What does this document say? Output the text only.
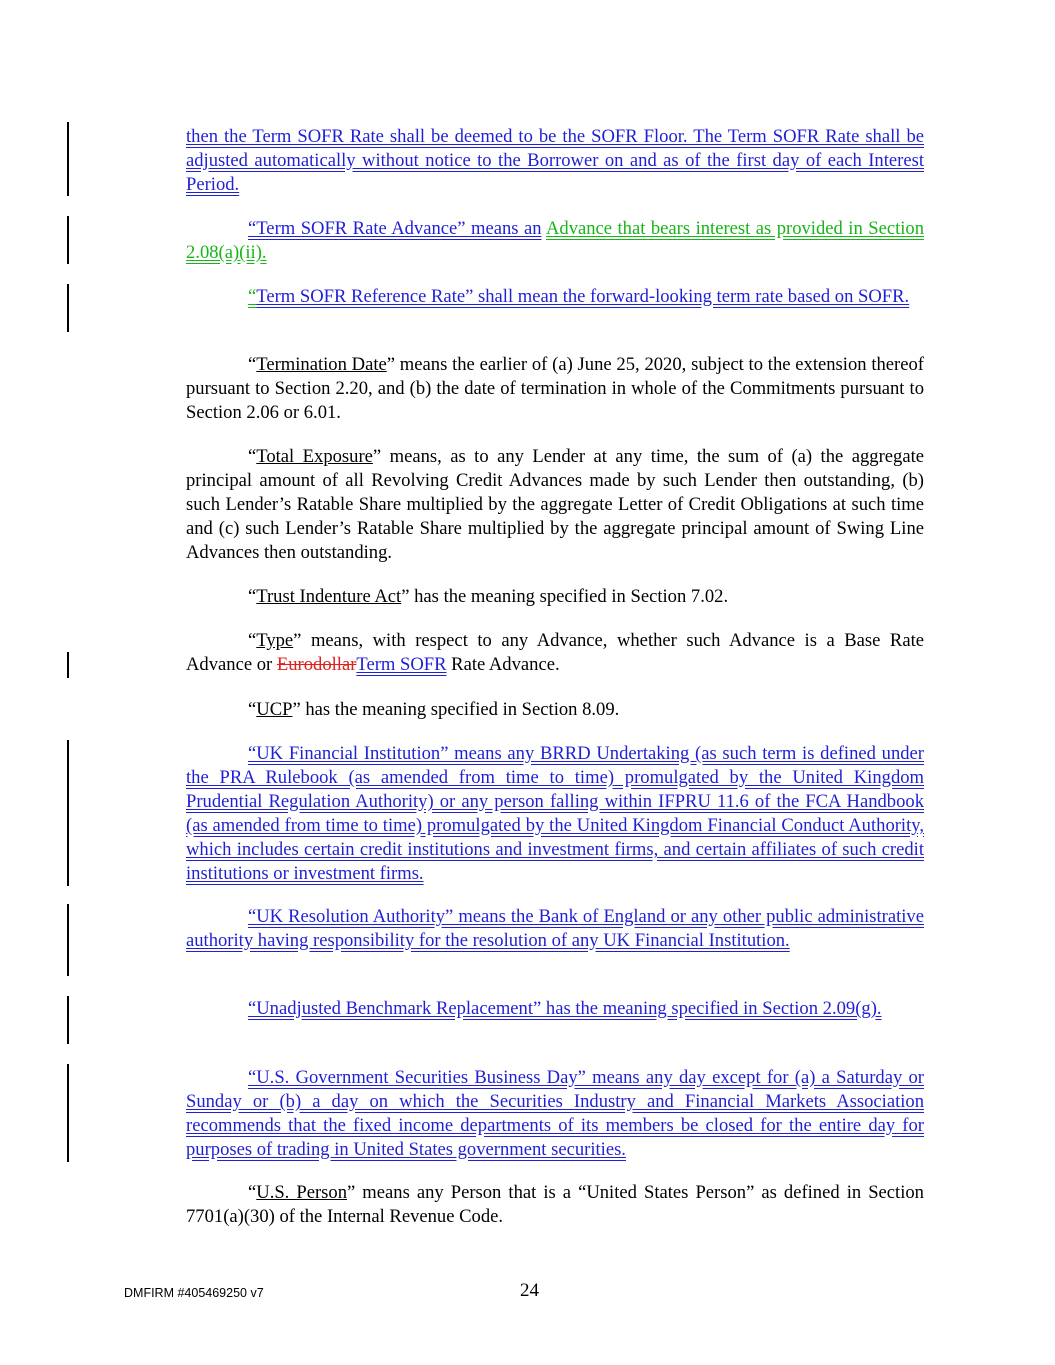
then the Term SOFR Rate shall be deemed to be the SOFR Floor. The Term SOFR Rate shall be adjusted automatically without notice to the Borrower on and as of the first day of each Interest Period.

“Term SOFR Rate Advance” means an Advance that bears interest as provided in Section 2.08(a)(ii).

“Term SOFR Reference Rate” shall mean the forward-looking term rate based on SOFR.

“Termination Date” means the earlier of (a) June 25, 2020, subject to the extension thereof pursuant to Section 2.20, and (b) the date of termination in whole of the Commitments pursuant to Section 2.06 or 6.01.

“Total Exposure” means, as to any Lender at any time, the sum of (a) the aggregate principal amount of all Revolving Credit Advances made by such Lender then outstanding, (b) such Lender’s Ratable Share multiplied by the aggregate Letter of Credit Obligations at such time and (c) such Lender’s Ratable Share multiplied by the aggregate principal amount of Swing Line Advances then outstanding.

“Trust Indenture Act” has the meaning specified in Section 7.02.

“Type” means, with respect to any Advance, whether such Advance is a Base Rate Advance or EurodollarTerm SOFR Rate Advance.

“UCP” has the meaning specified in Section 8.09.

“UK Financial Institution” means any BRRD Undertaking (as such term is defined under the PRA Rulebook (as amended from time to time) promulgated by the United Kingdom Prudential Regulation Authority) or any person falling within IFPRU 11.6 of the FCA Handbook (as amended from time to time) promulgated by the United Kingdom Financial Conduct Authority, which includes certain credit institutions and investment firms, and certain affiliates of such credit institutions or investment firms.

“UK Resolution Authority” means the Bank of England or any other public administrative authority having responsibility for the resolution of any UK Financial Institution.

“Unadjusted Benchmark Replacement” has the meaning specified in Section 2.09(g).

“U.S. Government Securities Business Day” means any day except for (a) a Saturday or Sunday or (b) a day on which the Securities Industry and Financial Markets Association recommends that the fixed income departments of its members be closed for the entire day for purposes of trading in United States government securities.

“U.S. Person” means any Person that is a “United States Person” as defined in Section 7701(a)(30) of the Internal Revenue Code.

DMFIRM #405469250 v7	24
